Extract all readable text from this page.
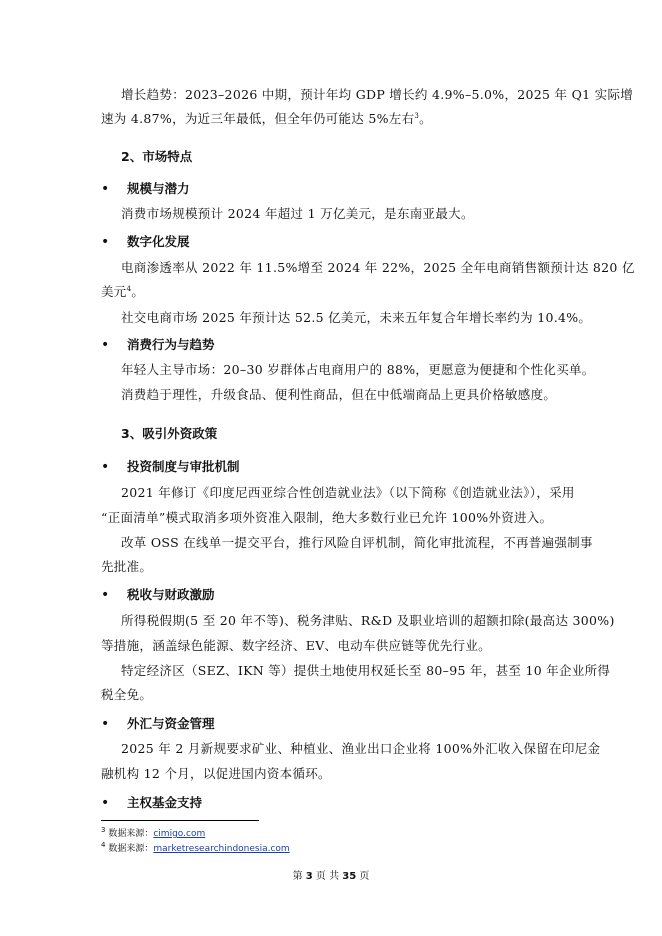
增长趋势：2023–2026 中期，预计年均 GDP 增长约 4.9%–5.0%，2025 年 Q1 实际增
速为 4.87%，为近三年最低，但全年仍可能达 5%左右$^3$。
2、市场特点
• 规模与潜力
消费市场规模预计 2024 年超过 1 万亿美元，是东南亚最大。
• 数字化发展
电商渗透率从 2022 年 11.5%增至 2024 年 22%，2025 全年电商销售额预计达 820 亿
美元$^4$。
社交电商市场 2025 年预计达 52.5 亿美元，未来五年复合年增长率约为 10.4%。
• 消费行为与趋势
年轻人主导市场：20–30 岁群体占电商用户的 88%，更愿意为便捷和个性化买单。
消费趋于理性，升级食品、便利性商品，但在中低端商品上更具价格敏感度。
3、吸引外资政策
• 投资制度与审批机制
2021 年修订《印度尼西亚综合性创造就业法》（以下简称《创造就业法》），采用
“正面清单”模式取消多项外资准入限制，绝大多数行业已允许 100%外资进入。
改革 OSS 在线单一提交平台，推行风险自评机制，简化审批流程，不再普遍强制事
先批准。
• 税收与财政激励
所得税假期(5 至 20 年不等)、税务津贴、R&D 及职业培训的超额扣除(最高达 300%)
等措施，涵盖绿色能源、数字经济、EV、电动车供应链等优先行业。
特定经济区（SEZ、IKN 等）提供土地使用权延长至 80–95 年，甚至 10 年企业所得
税全免。
• 外汇与资金管理
2025 年 2 月新规要求矿业、种植业、渔业出口企业将 100%外汇收入保留在印尼金
融机构 12 个月，以促进国内资本循环。
• 主权基金支持
$^3$ 数据来源：cimigo.com
$^4$ 数据来源：marketresearchindonesia.com
第 3 页 共 35 页
